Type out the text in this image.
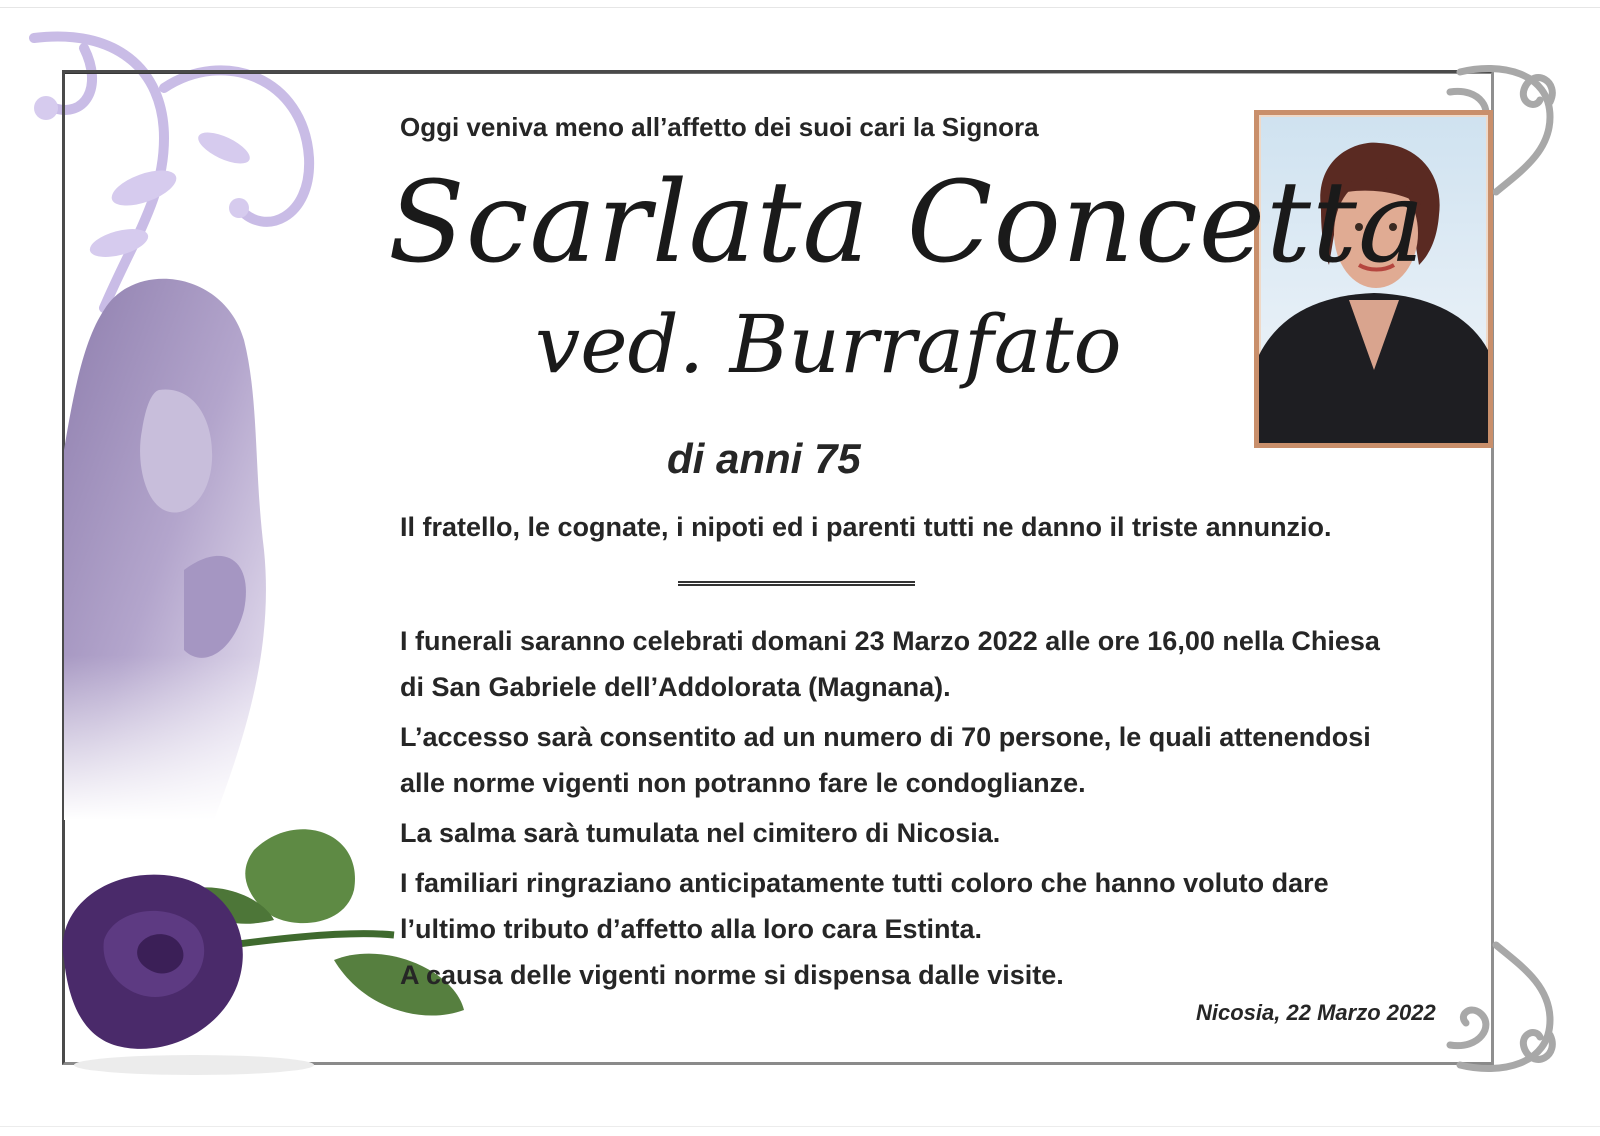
Oggi veniva meno all’affetto dei suoi cari la Signora

Scarlata Concetta

ved. Burrafato

di anni 75

Il fratello, le cognate, i nipoti ed i parenti tutti ne danno il triste annunzio.

I funerali saranno celebrati domani 23 Marzo 2022 alle ore 16,00 nella Chiesa

di San Gabriele dell’Addolorata (Magnana).

L’accesso sarà consentito ad un numero di 70 persone, le quali attenendosi

alle norme vigenti non potranno fare le condoglianze.

La salma sarà tumulata nel cimitero di Nicosia.

I familiari ringraziano anticipatamente tutti coloro che hanno voluto dare

l’ultimo tributo d’affetto alla loro cara Estinta.

A causa delle vigenti norme si dispensa dalle visite.

Nicosia, 22 Marzo 2022
